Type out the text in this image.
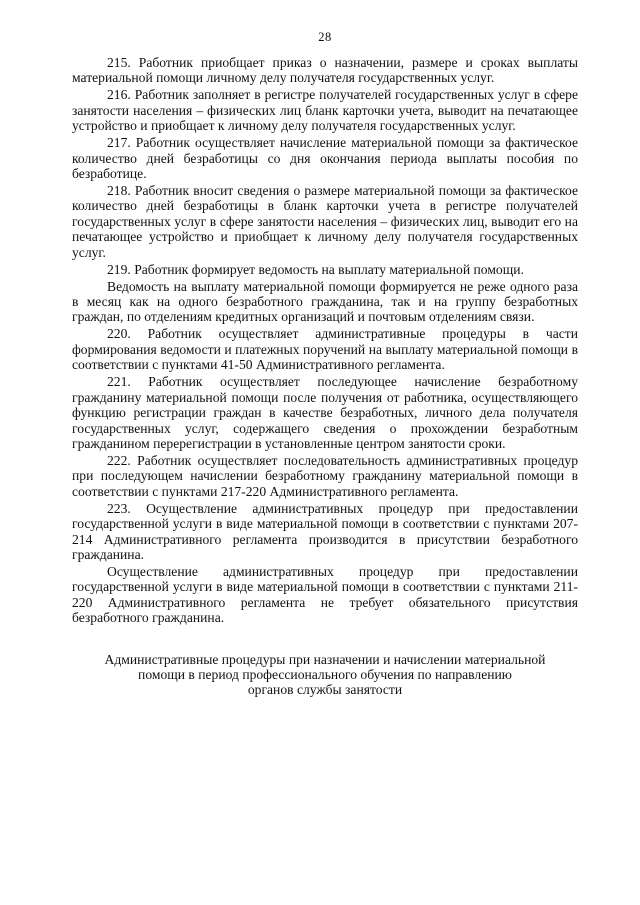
28

215. Работник приобщает приказ о назначении, размере и сроках выплаты материальной помощи личному делу получателя государственных услуг.

216. Работник заполняет в регистре получателей государственных услуг в сфере занятости населения – физических лиц бланк карточки учета, выводит на печатающее устройство и приобщает к личному делу получателя государственных услуг.

217. Работник осуществляет начисление материальной помощи за фактическое количество дней безработицы со дня окончания периода выплаты пособия по безработице.

218. Работник вносит сведения о размере материальной помощи за фактическое количество дней безработицы в бланк карточки учета в регистре получателей государственных услуг в сфере занятости населения – физических лиц, выводит его на печатающее устройство и приобщает к личному делу получателя государственных услуг.

219. Работник формирует ведомость на выплату материальной помощи.

Ведомость на выплату материальной помощи формируется не реже одного раза в месяц как на одного безработного гражданина, так и на группу безработных граждан, по отделениям кредитных организаций и почтовым отделениям связи.

220. Работник осуществляет административные процедуры в части формирования ведомости и платежных поручений на выплату материальной помощи в соответствии с пунктами 41-50 Административного регламента.

221. Работник осуществляет последующее начисление безработному гражданину материальной помощи после получения от работника, осуществляющего функцию регистрации граждан в качестве безработных, личного дела получателя государственных услуг, содержащего сведения о прохождении безработным гражданином перерегистрации в установленные центром занятости сроки.

222. Работник осуществляет последовательность административных процедур при последующем начислении безработному гражданину материальной помощи в соответствии с пунктами 217-220 Административного регламента.

223. Осуществление административных процедур при предоставлении государственной услуги в виде материальной помощи в соответствии с пунктами 207-214 Административного регламента производится в присутствии безработного гражданина.

Осуществление административных процедур при предоставлении государственной услуги в виде материальной помощи в соответствии с пунктами 211-220 Административного регламента не требует обязательного присутствия безработного гражданина.

Административные процедуры при назначении и начислении материальной
помощи в период профессионального обучения по направлению
органов службы занятости
